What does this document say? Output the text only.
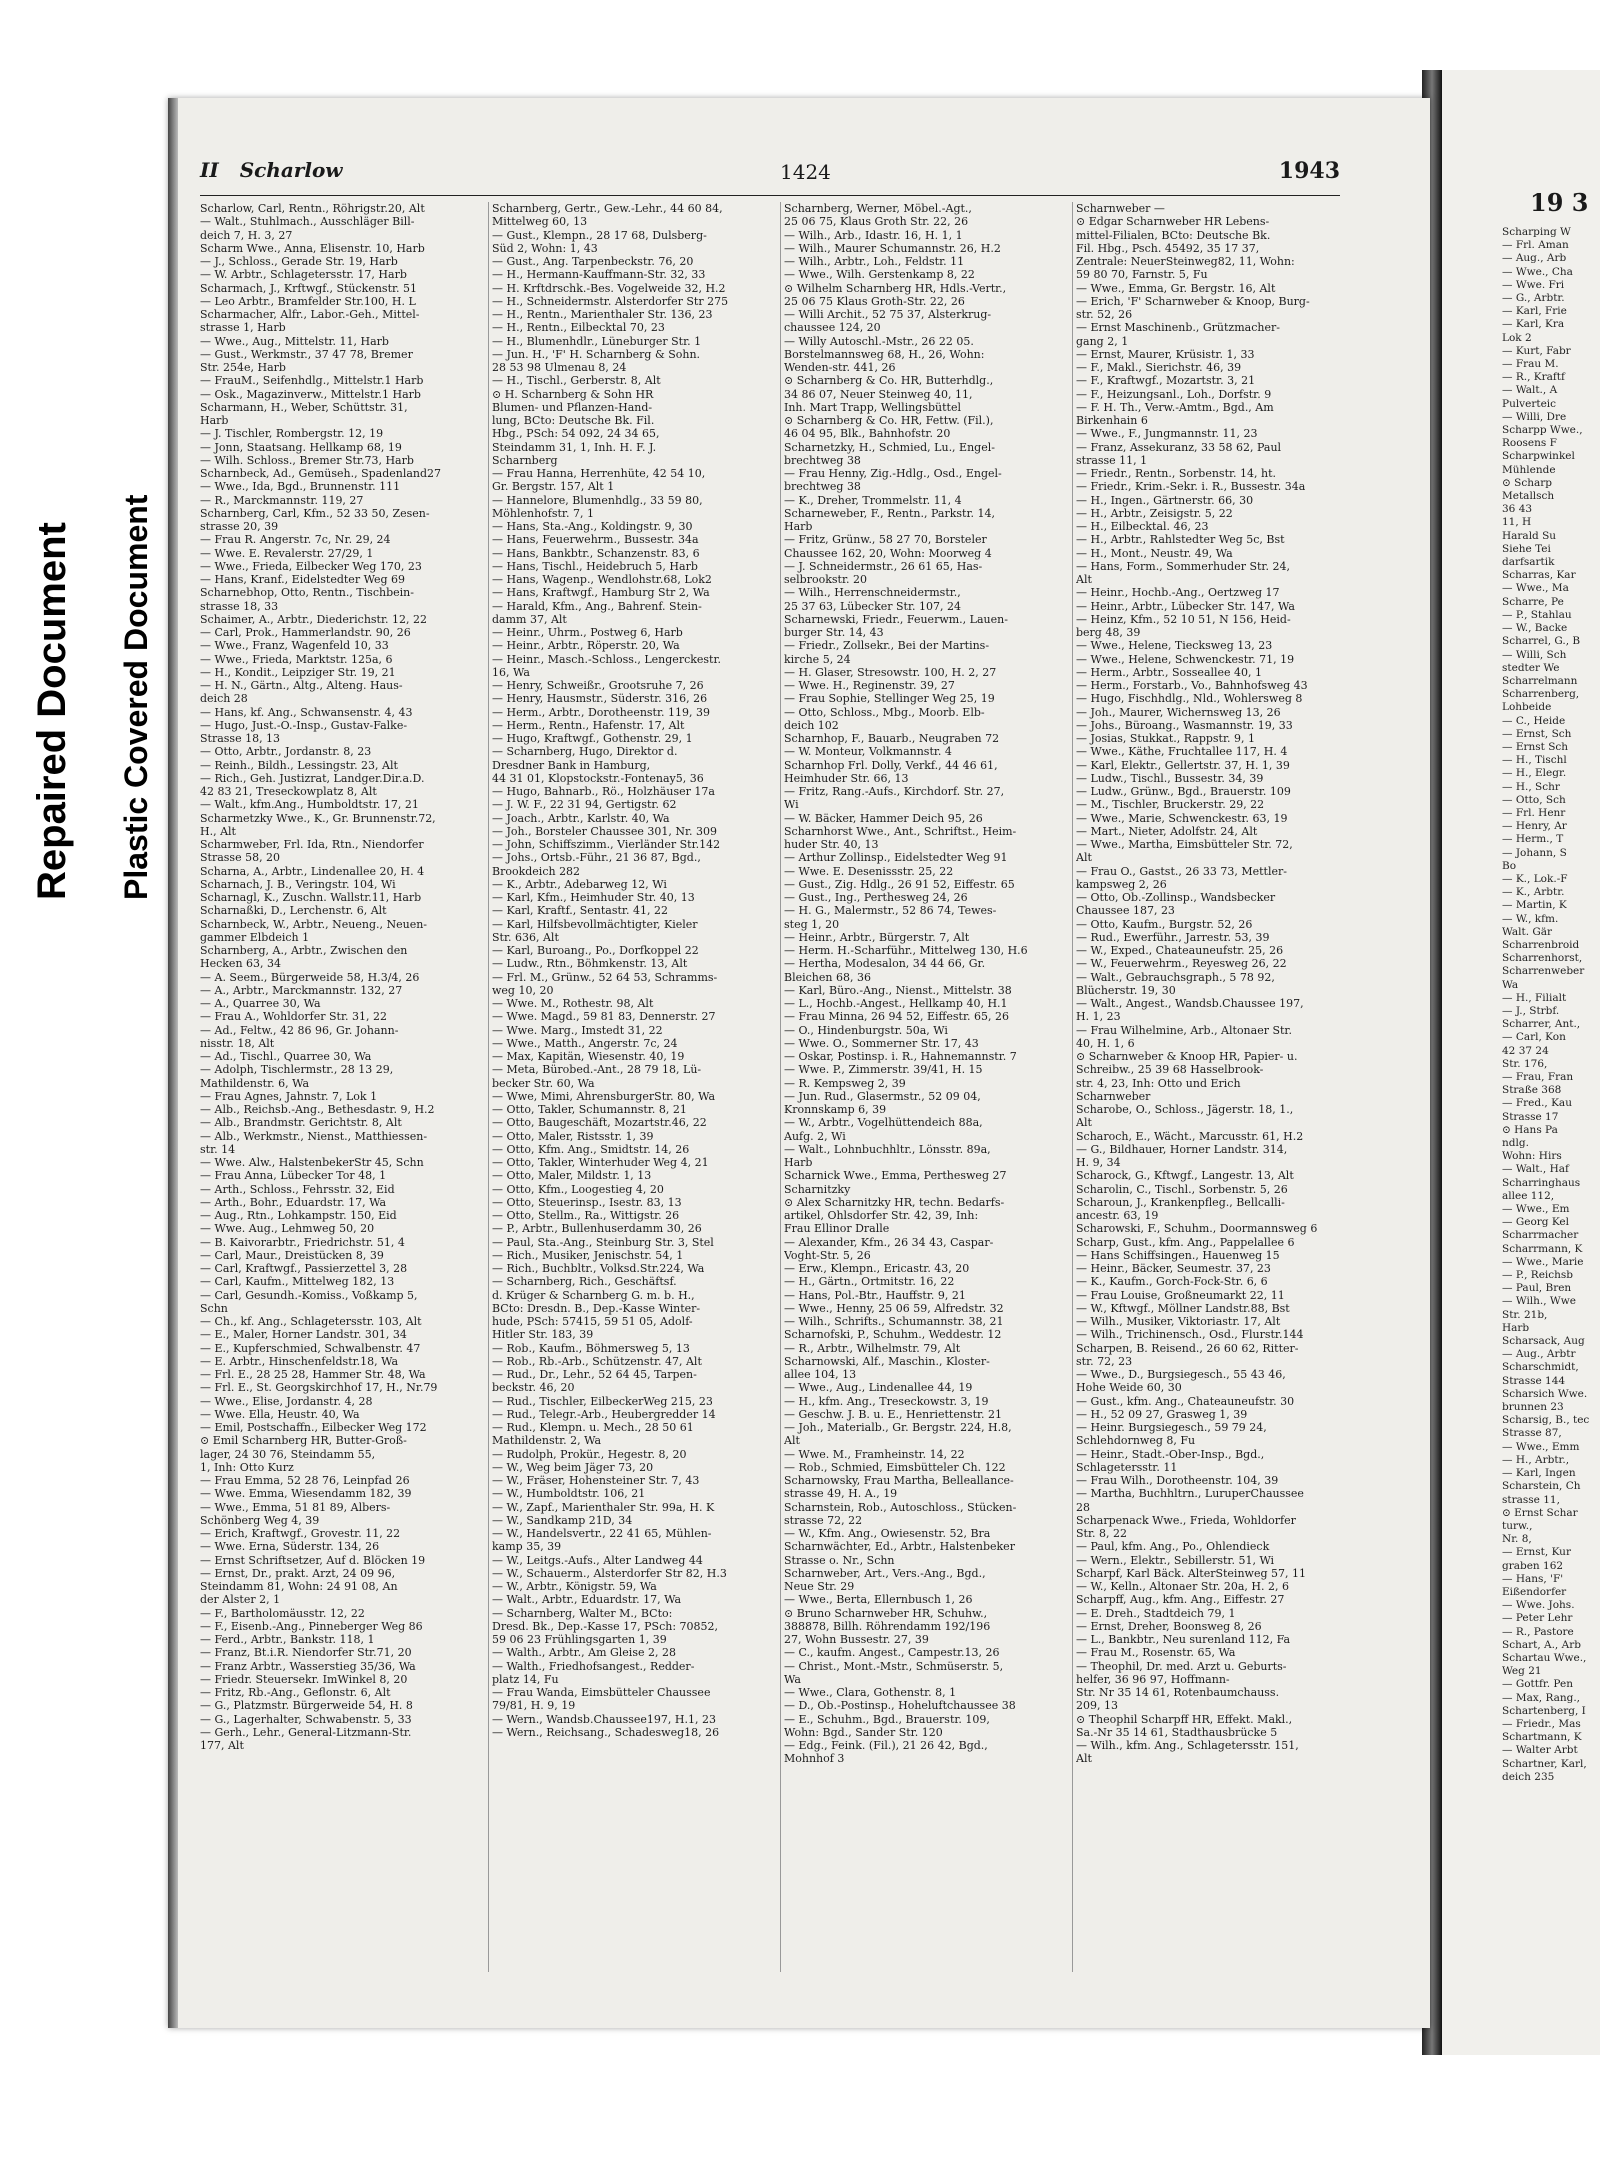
Repaired Document Plastic Covered Document
19 3
Scharping W
— Frl. Aman
— Aug., Arb
— Wwe., Cha
— Wwe. Fri
— G., Arbtr.
— Karl, Frie
— Karl, Kra
Lok 2
— Kurt, Fabr
— Frau M.
— R., Kraftf
— Walt., A
Pulverteic
— Willi, Dre
Scharpp Wwe.,
Roosens F
Scharpwinkel
Mühlende
⊙ Scharp
Metallsch
36 43
11, H
Harald Su
Siehe Tei
darfsartik
Scharras, Kar
— Wwe., Ma
Scharre, Pe
— P., Stahlau
— W., Backe
Scharrel, G., B
— Willi, Sch
stedter We
Scharrelmann
Scharrenberg,
Lohbeide
— C., Heide
— Ernst, Sch
— Ernst Sch
— H., Tischl
— H., Elegr.
— H., Schr
— Otto, Sch
— Frl. Henr
— Henry, Ar
— Herm., T
— Johann, S
Bo
— K., Lok.-F
— K., Arbtr.
— Martin, K
— W., kfm.
Walt. Gär
Scharrenbroid
Scharrenhorst,
Scharrenweber
Wa
— H., Filialt
— J., Strbf.
Scharrer, Ant.,
— Carl, Kon
42 37 24
Str. 176,
— Frau, Fran
Straße 368
— Fred., Kau
Strasse 17
⊙ Hans Pa
ndlg.
Wohn: Hirs
— Walt., Haf
Scharringhaus
allee 112,
— Wwe., Em
— Georg Kel
Scharrmacher
Scharrmann, K
— Wwe., Marie
— P., Reichsb
— Paul, Bren
— Wilh., Wwe
Str. 21b,
Harb
Scharsack, Aug
— Aug., Arbtr
Scharschmidt,
Strasse 144
Scharsich Wwe.
brunnen 23
Scharsig, B., tec
Strasse 87,
— Wwe., Emm
— H., Arbtr.,
— Karl, Ingen
Scharstein, Ch
strasse 11,
⊙ Ernst Schar
turw.,
Nr. 8,
— Ernst, Kur
graben 162
— Hans, 'F'
Eißendorfer
— Wwe. Johs.
— Peter Lehr
— R., Pastore
Schart, A., Arb
Schartau Wwe.,
Weg 21
— Gottfr. Pen
— Max, Rang.,
Schartenberg, I
— Friedr., Mas
Schartmann, K
— Walter Arbt
Schartner, Karl,
deich 235
II Scharlow	1424	1943
Scharlow, Carl, Rentn., Röhrigstr.20, Alt
— Walt., Stuhlmach., Ausschläger Bill-
deich 7, H. 3, 27
Scharm Wwe., Anna, Elisenstr. 10, Harb
— J., Schloss., Gerade Str. 19, Harb
— W. Arbtr., Schlagetersstr. 17, Harb
Scharmach, J., Krftwgf., Stückenstr. 51
— Leo Arbtr., Bramfelder Str.100, H. L
Scharmacher, Alfr., Labor.-Geh., Mittel-
strasse 1, Harb
— Wwe., Aug., Mittelstr. 11, Harb
— Gust., Werkmstr., 37 47 78, Bremer
Str. 254e, Harb
— FrauM., Seifenhdlg., Mittelstr.1 Harb
— Osk., Magazinverw., Mittelstr.1 Harb
Scharmann, H., Weber, Schüttstr. 31,
Harb
— J. Tischler, Rombergstr. 12, 19
— Jonn, Staatsang. Hellkamp 68, 19
— Wilh. Schloss., Bremer Str.73, Harb
Scharnbeck, Ad., Gemüseh., Spadenland27
— Wwe., Ida, Bgd., Brunnenstr. 111
— R., Marckmannstr. 119, 27
Scharnberg, Carl, Kfm., 52 33 50, Zesen-
strasse 20, 39
— Frau R. Angerstr. 7c, Nr. 29, 24
— Wwe. E. Revalerstr. 27/29, 1
— Wwe., Frieda, Eilbecker Weg 170, 23
— Hans, Kranf., Eidelstedter Weg 69
Scharnebhop, Otto, Rentn., Tischbein-
strasse 18, 33
Schaimer, A., Arbtr., Diederichstr. 12, 22
— Carl, Prok., Hammerlandstr. 90, 26
— Wwe., Franz, Wagenfeld 10, 33
— Wwe., Frieda, Marktstr. 125a, 6
— H., Kondit., Leipziger Str. 19, 21
— H. N., Gärtn., Altg., Alteng. Haus-
deich 28
— Hans, kf. Ang., Schwansenstr. 4, 43
— Hugo, Just.-O.-Insp., Gustav-Falke-
Strasse 18, 13
— Otto, Arbtr., Jordanstr. 8, 23
— Reinh., Bildh., Lessingstr. 23, Alt
— Rich., Geh. Justizrat, Landger.Dir.a.D.
42 83 21, Treseckowplatz 8, Alt
— Walt., kfm.Ang., Humboldtstr. 17, 21
Scharmetzky Wwe., K., Gr. Brunnenstr.72,
H., Alt
Scharmweber, Frl. Ida, Rtn., Niendorfer
Strasse 58, 20
Scharna, A., Arbtr., Lindenallee 20, H. 4
Scharnach, J. B., Veringstr. 104, Wi
Scharnagl, K., Zuschn. Wallstr.11, Harb
Scharnaßki, D., Lerchenstr. 6, Alt
Scharnbeck, W., Arbtr., Neueng., Neuen-
gammer Elbdeich 1
Scharnberg, A., Arbtr., Zwischen den
Hecken 63, 34
— A. Seem., Bürgerweide 58, H.3/4, 26
— A., Arbtr., Marckmannstr. 132, 27
— A., Quarree 30, Wa
— Frau A., Wohldorfer Str. 31, 22
— Ad., Feltw., 42 86 96, Gr. Johann-
nisstr. 18, Alt
— Ad., Tischl., Quarree 30, Wa
— Adolph, Tischlermstr., 28 13 29,
Mathildenstr. 6, Wa
— Frau Agnes, Jahnstr. 7, Lok 1
— Alb., Reichsb.-Ang., Bethesdastr. 9, H.2
— Alb., Brandmstr. Gerichtstr. 8, Alt
— Alb., Werkmstr., Nienst., Matthiessen-
str. 14
— Wwe. Alw., HalstenbekerStr 45, Schn
— Frau Anna, Lübecker Tor 48, 1
— Arth., Schloss., Fehrsstr. 32, Eid
— Arth., Bohr., Eduardstr. 17, Wa
— Aug., Rtn., Lohkampstr. 150, Eid
— Wwe. Aug., Lehmweg 50, 20
— B. Kaivorarbtr., Friedrichstr. 51, 4
— Carl, Maur., Dreistücken 8, 39
— Carl, Kraftwgf., Passierzettel 3, 28
— Carl, Kaufm., Mittelweg 182, 13
— Carl, Gesundh.-Komiss., Voßkamp 5,
Schn
— Ch., kf. Ang., Schlagetersstr. 103, Alt
— E., Maler, Horner Landstr. 301, 34
— E., Kupferschmied, Schwalbenstr. 47
— E. Arbtr., Hinschenfeldstr.18, Wa
— Frl. E., 28 25 28, Hammer Str. 48, Wa
— Frl. E., St. Georgskirchhof 17, H., Nr.79
— Wwe., Elise, Jordanstr. 4, 28
— Wwe. Ella, Heustr. 40, Wa
— Emil, Postschaffn., Eilbecker Weg 172
⊙ Emil Scharnberg HR, Butter-Groß-
lager, 24 30 76, Steindamm 55,
1, Inh: Otto Kurz
— Frau Emma, 52 28 76, Leinpfad 26
— Wwe. Emma, Wiesendamm 182, 39
— Wwe., Emma, 51 81 89, Albers-
Schönberg Weg 4, 39
— Erich, Kraftwgf., Grovestr. 11, 22
— Wwe. Erna, Süderstr. 134, 26
— Ernst Schriftsetzer, Auf d. Blöcken 19
— Ernst, Dr., prakt. Arzt, 24 09 96,
Steindamm 81, Wohn: 24 91 08, An
der Alster 2, 1
— F., Bartholomäusstr. 12, 22
— F., Eisenb.-Ang., Pinneberger Weg 86
— Ferd., Arbtr., Bankstr. 118, 1
— Franz, Bt.i.R. Niendorfer Str.71, 20
— Franz Arbtr., Wasserstieg 35/36, Wa
— Friedr. Steuersekr. ImWinkel 8, 20
— Fritz, Rb.-Ang., Geflonstr. 6, Alt
— G., Platzmstr. Bürgerweide 54, H. 8
— G., Lagerhalter, Schwabenstr. 5, 33
— Gerh., Lehr., General-Litzmann-Str.
177, Alt
Scharnberg, Gertr., Gew.-Lehr., 44 60 84,
Mittelweg 60, 13
— Gust., Klempn., 28 17 68, Dulsberg-
Süd 2, Wohn: 1, 43
— Gust., Ang. Tarpenbeckstr. 76, 20
— H., Hermann-Kauffmann-Str. 32, 33
— H. Krftdrschk.-Bes. Vogelweide 32, H.2
— H., Schneidermstr. Alsterdorfer Str 275
— H., Rentn., Marienthaler Str. 136, 23
— H., Rentn., Eilbecktal 70, 23
— H., Blumenhdlr., Lüneburger Str. 1
— Jun. H., 'F' H. Scharnberg & Sohn.
28 53 98 Ulmenau 8, 24
— H., Tischl., Gerberstr. 8, Alt
⊙ H. Scharnberg & Sohn HR
Blumen- und Pflanzen-Hand-
lung, BCto: Deutsche Bk. Fil.
Hbg., PSch: 54 092, 24 34 65,
Steindamm 31, 1, Inh. H. F. J.
Scharnberg
— Frau Hanna, Herrenhüte, 42 54 10,
Gr. Bergstr. 157, Alt 1
— Hannelore, Blumenhdlg., 33 59 80,
Möhlenhofstr. 7, 1
— Hans, Sta.-Ang., Koldingstr. 9, 30
— Hans, Feuerwehrm., Bussestr. 34a
— Hans, Bankbtr., Schanzenstr. 83, 6
— Hans, Tischl., Heidebruch 5, Harb
— Hans, Wagenp., Wendlohstr.68, Lok2
— Hans, Kraftwgf., Hamburg Str 2, Wa
— Harald, Kfm., Ang., Bahrenf. Stein-
damm 37, Alt
— Heinr., Uhrm., Postweg 6, Harb
— Heinr., Arbtr., Röperstr. 20, Wa
— Heinr., Masch.-Schloss., Lengerckestr.
16, Wa
— Henry, Schweißr., Grootsruhe 7, 26
— Henry, Hausmstr., Süderstr. 316, 26
— Herm., Arbtr., Dorotheenstr. 119, 39
— Herm., Rentn., Hafenstr. 17, Alt
— Hugo, Kraftwgf., Gothenstr. 29, 1
— Scharnberg, Hugo, Direktor d.
Dresdner Bank in Hamburg,
44 31 01, Klopstockstr.-Fontenay5, 36
— Hugo, Bahnarb., Rö., Holzhäuser 17a
— J. W. F., 22 31 94, Gertigstr. 62
— Joach., Arbtr., Karlstr. 40, Wa
— Joh., Borsteler Chaussee 301, Nr. 309
— John, Schiffszimm., Vierländer Str.142
— Johs., Ortsb.-Führ., 21 36 87, Bgd.,
Brookdeich 282
— K., Arbtr., Adebarweg 12, Wi
— Karl, Kfm., Heimhuder Str. 40, 13
— Karl, Kraftf., Sentastr. 41, 22
— Karl, Hilfsbevollmächtigter, Kieler
Str. 636, Alt
— Karl, Buroang., Po., Dorfkoppel 22
— Ludw., Rtn., Böhmkenstr. 13, Alt
— Frl. M., Grünw., 52 64 53, Schramms-
weg 10, 20
— Wwe. M., Rothestr. 98, Alt
— Wwe. Magd., 59 81 83, Dennerstr. 27
— Wwe. Marg., Imstedt 31, 22
— Wwe., Matth., Angerstr. 7c, 24
— Max, Kapitän, Wiesenstr. 40, 19
— Meta, Bürobed.-Ant., 28 79 18, Lü-
becker Str. 60, Wa
— Wwe, Mimi, AhrensburgerStr. 80, Wa
— Otto, Takler, Schumannstr. 8, 21
— Otto, Baugeschäft, Mozartstr.46, 22
— Otto, Maler, Ristsstr. 1, 39
— Otto, Kfm. Ang., Smidtstr. 14, 26
— Otto, Takler, Winterhuder Weg 4, 21
— Otto, Maler, Mildstr. 1, 13
— Otto, Kfm., Loogestieg 4, 20
— Otto, Steuerinsp., Isestr. 83, 13
— Otto, Stellm., Ra., Wittigstr. 26
— P., Arbtr., Bullenhuserdamm 30, 26
— Paul, Sta.-Ang., Steinburg Str. 3, Stel
— Rich., Musiker, Jenischstr. 54, 1
— Rich., Buchbltr., Volksd.Str.224, Wa
— Scharnberg, Rich., Geschäftsf.
d. Krüger & Scharnberg G. m. b. H.,
BCto: Dresdn. B., Dep.-Kasse Winter-
hude, PSch: 57415, 59 51 05, Adolf-
Hitler Str. 183, 39
— Rob., Kaufm., Böhmersweg 5, 13
— Rob., Rb.-Arb., Schützenstr. 47, Alt
— Rud., Dr., Lehr., 52 64 45, Tarpen-
beckstr. 46, 20
— Rud., Tischler, EilbeckerWeg 215, 23
— Rud., Telegr.-Arb., Heubergredder 14
— Rud., Klempn. u. Mech., 28 50 61
Mathildenstr. 2, Wa
— Rudolph, Prokür., Hegestr. 8, 20
— W., Weg beim Jäger 73, 20
— W., Fräser, Hohensteiner Str. 7, 43
— W., Humboldtstr. 106, 21
— W., Zapf., Marienthaler Str. 99a, H. K
— W., Sandkamp 21D, 34
— W., Handelsvertr., 22 41 65, Mühlen-
kamp 35, 39
— W., Leitgs.-Aufs., Alter Landweg 44
— W., Schauerm., Alsterdorfer Str 82, H.3
— W., Arbtr., Königstr. 59, Wa
— Walt., Arbtr., Eduardstr. 17, Wa
— Scharnberg, Walter M., BCto:
Dresd. Bk., Dep.-Kasse 17, PSch: 70852,
59 06 23 Frühlingsgarten 1, 39
— Walth., Arbtr., Am Gleise 2, 28
— Walth., Friedhofsangest., Redder-
platz 14, Fu
— Frau Wanda, Eimsbütteler Chaussee
79/81, H. 9, 19
— Wern., Wandsb.Chaussee197, H.1, 23
— Wern., Reichsang., Schadesweg18, 26
Scharnberg, Werner, Möbel.-Agt.,
25 06 75, Klaus Groth Str. 22, 26
— Wilh., Arb., Idastr. 16, H. 1, 1
— Wilh., Maurer Schumannstr. 26, H.2
— Wilh., Arbtr., Loh., Feldstr. 11
— Wwe., Wilh. Gerstenkamp 8, 22
⊙ Wilhelm Scharnberg HR, Hdls.-Vertr.,
25 06 75 Klaus Groth-Str. 22, 26
— Willi Archit., 52 75 37, Alsterkrug-
chaussee 124, 20
— Willy Autoschl.-Mstr., 26 22 05.
Borstelmannsweg 68, H., 26, Wohn:
Wenden-str. 441, 26
⊙ Scharnberg & Co. HR, Butterhdlg.,
34 86 07, Neuer Steinweg 40, 11,
Inh. Mart Trapp, Wellingsbüttel
⊙ Scharnberg & Co. HR, Fettw. (Fil.),
46 04 95, Blk., Bahnhofstr. 20
Scharnetzky, H., Schmied, Lu., Engel-
brechtweg 38
— Frau Henny, Zig.-Hdlg., Osd., Engel-
brechtweg 38
— K., Dreher, Trommelstr. 11, 4
Scharneweber, F., Rentn., Parkstr. 14,
Harb
— Fritz, Grünw., 58 27 70, Borsteler
Chaussee 162, 20, Wohn: Moorweg 4
— J. Schneidermstr., 26 61 65, Has-
selbrookstr. 20
— Wilh., Herrenschneidermstr.,
25 37 63, Lübecker Str. 107, 24
Scharnewski, Friedr., Feuerwm., Lauen-
burger Str. 14, 43
— Friedr., Zollsekr., Bei der Martins-
kirche 5, 24
— H. Glaser, Stresowstr. 100, H. 2, 27
— Wwe. H., Reginenstr. 39, 27
— Frau Sophie, Stellinger Weg 25, 19
— Otto, Schloss., Mbg., Moorb. Elb-
deich 102
Scharnhop, F., Bauarb., Neugraben 72
— W. Monteur, Volkmannstr. 4
Scharnhop Frl. Dolly, Verkf., 44 46 61,
Heimhuder Str. 66, 13
— Fritz, Rang.-Aufs., Kirchdorf. Str. 27,
Wi
— W. Bäcker, Hammer Deich 95, 26
Scharnhorst Wwe., Ant., Schriftst., Heim-
huder Str. 40, 13
— Arthur Zollinsp., Eidelstedter Weg 91
— Wwe. E. Desenissstr. 25, 22
— Gust., Zig. Hdlg., 26 91 52, Eiffestr. 65
— Gust., Ing., Perthesweg 24, 26
— H. G., Malermstr., 52 86 74, Tewes-
steg 1, 20
— Heinr., Arbtr., Bürgerstr. 7, Alt
— Herm. H.-Scharführ., Mittelweg 130, H.6
— Hertha, Modesalon, 34 44 66, Gr.
Bleichen 68, 36
— Karl, Büro.-Ang., Nienst., Mittelstr. 38
— L., Hochb.-Angest., Hellkamp 40, H.1
— Frau Minna, 26 94 52, Eiffestr. 65, 26
— O., Hindenburgstr. 50a, Wi
— Wwe. O., Sommerner Str. 17, 43
— Oskar, Postinsp. i. R., Hahnemannstr. 7
— Wwe. P., Zimmerstr. 39/41, H. 15
— R. Kempsweg 2, 39
— Jun. Rud., Glasermstr., 52 09 04,
Kronnskamp 6, 39
— W., Arbtr., Vogelhüttendeich 88a,
Aufg. 2, Wi
— Walt., Lohnbuchhltr., Lönsstr. 89a,
Harb
Scharnick Wwe., Emma, Perthesweg 27
Scharnitzky
⊙ Alex Scharnitzky HR, techn. Bedarfs-
artikel, Ohlsdorfer Str. 42, 39, Inh:
Frau Ellinor Dralle
— Alexander, Kfm., 26 34 43, Caspar-
Voght-Str. 5, 26
— Erw., Klempn., Ericastr. 43, 20
— H., Gärtn., Ortmitstr. 16, 22
— Hans, Pol.-Btr., Hauffstr. 9, 21
— Wwe., Henny, 25 06 59, Alfredstr. 32
— Wilh., Schrifts., Schumannstr. 38, 21
Scharnofski, P., Schuhm., Weddestr. 12
— R., Arbtr., Wilhelmstr. 79, Alt
Scharnowski, Alf., Maschin., Kloster-
allee 104, 13
— Wwe., Aug., Lindenallee 44, 19
— H., kfm. Ang., Treseckowstr. 3, 19
— Geschw. J. B. u. E., Henriettenstr. 21
— Joh., Materialb., Gr. Bergstr. 224, H.8,
Alt
— Wwe. M., Framheinstr. 14, 22
— Rob., Schmied, Eimsbütteler Ch. 122
Scharnowsky, Frau Martha, Belleallance-
strasse 49, H. A., 19
Scharnstein, Rob., Autoschloss., Stücken-
strasse 72, 22
— W., Kfm. Ang., Owiesenstr. 52, Bra
Scharnwächter, Ed., Arbtr., Halstenbeker
Strasse o. Nr., Schn
Scharnweber, Art., Vers.-Ang., Bgd.,
Neue Str. 29
— Wwe., Berta, Ellernbusch 1, 26
⊙ Bruno Scharnweber HR, Schuhw.,
388878, Billh. Röhrendamm 192/196
27, Wohn Bussestr. 27, 39
— C., kaufm. Angest., Campestr.13, 26
— Christ., Mont.-Mstr., Schmüserstr. 5,
Wa
— Wwe., Clara, Gothenstr. 8, 1
— D., Ob.-Postinsp., Hoheluftchaussee 38
— E., Schuhm., Bgd., Brauerstr. 109,
Wohn: Bgd., Sander Str. 120
— Edg., Feink. (Fil.), 21 26 42, Bgd.,
Mohnhof 3
Scharnweber —
⊙ Edgar Scharnweber HR Lebens-
mittel-Filialen, BCto: Deutsche Bk.
Fil. Hbg., Psch. 45492, 35 17 37,
Zentrale: NeuerSteinweg82, 11, Wohn:
59 80 70, Farnstr. 5, Fu
— Wwe., Emma, Gr. Bergstr. 16, Alt
— Erich, 'F' Scharnweber & Knoop, Burg-
str. 52, 26
— Ernst Maschinenb., Grützmacher-
gang 2, 1
— Ernst, Maurer, Krüsistr. 1, 33
— F., Makl., Sierichstr. 46, 39
— F., Kraftwgf., Mozartstr. 3, 21
— F., Heizungsanl., Loh., Dorfstr. 9
— F. H. Th., Verw.-Amtm., Bgd., Am
Birkenhain 6
— Wwe., F., Jungmannstr. 11, 23
— Franz, Assekuranz, 33 58 62, Paul
strasse 11, 1
— Friedr., Rentn., Sorbenstr. 14, ht.
— Friedr., Krim.-Sekr. i. R., Bussestr. 34a
— H., Ingen., Gärtnerstr. 66, 30
— H., Arbtr., Zeisigstr. 5, 22
— H., Eilbecktal. 46, 23
— H., Arbtr., Rahlstedter Weg 5c, Bst
— H., Mont., Neustr. 49, Wa
— Hans, Form., Sommerhuder Str. 24,
Alt
— Heinr., Hochb.-Ang., Oertzweg 17
— Heinr., Arbtr., Lübecker Str. 147, Wa
— Heinz, Kfm., 52 10 51, N 156, Heid-
berg 48, 39
— Wwe., Helene, Tiecksweg 13, 23
— Wwe., Helene, Schwenckestr. 71, 19
— Herm., Arbtr., Sosseallee 40, 1
— Herm., Forstarb., Vo., Bahnhofsweg 43
— Hugo, Fischhdlg., Nld., Wohlersweg 8
— Joh., Maurer, Wichernsweg 13, 26
— Johs., Büroang., Wasmannstr. 19, 33
— Josias, Stukkat., Rappstr. 9, 1
— Wwe., Käthe, Fruchtallee 117, H. 4
— Karl, Elektr., Gellertstr. 37, H. 1, 39
— Ludw., Tischl., Bussestr. 34, 39
— Ludw., Grünw., Bgd., Brauerstr. 109
— M., Tischler, Bruckerstr. 29, 22
— Wwe., Marie, Schwenckestr. 63, 19
— Mart., Nieter, Adolfstr. 24, Alt
— Wwe., Martha, Eimsbütteler Str. 72,
Alt
— Frau O., Gastst., 26 33 73, Mettler-
kampsweg 2, 26
— Otto, Ob.-Zollinsp., Wandsbecker
Chaussee 187, 23
— Otto, Kaufm., Burgstr. 52, 26
— Rud., Ewerführ., Jarrestr. 53, 39
— W., Exped., Chateauneufstr. 25, 26
— W., Feuerwehrm., Reyesweg 26, 22
— Walt., Gebrauchsgraph., 5 78 92,
Blücherstr. 19, 30
— Walt., Angest., Wandsb.Chaussee 197,
H. 1, 23
— Frau Wilhelmine, Arb., Altonaer Str.
40, H. 1, 6
⊙ Scharnweber & Knoop HR, Papier- u.
Schreibw., 25 39 68 Hasselbrook-
str. 4, 23, Inh: Otto und Erich
Scharnweber
Scharobe, O., Schloss., Jägerstr. 18, 1.,
Alt
Scharoch, E., Wächt., Marcusstr. 61, H.2
— G., Bildhauer, Horner Landstr. 314,
H. 9, 34
Scharock, G., Kftwgf., Langestr. 13, Alt
Scharolin, C., Tischl., Sorbenstr. 5, 26
Scharoun, J., Krankenpfleg., Bellcalli-
ancestr. 63, 19
Scharowski, F., Schuhm., Doormannsweg 6
Scharp, Gust., kfm. Ang., Pappelallee 6
— Hans Schiffsingen., Hauenweg 15
— Heinr., Bäcker, Seumestr. 37, 23
— K., Kaufm., Gorch-Fock-Str. 6, 6
— Frau Louise, Großneumarkt 22, 11
— W., Kftwgf., Möllner Landstr.88, Bst
— Wilh., Musiker, Viktoriastr. 17, Alt
— Wilh., Trichinensch., Osd., Flurstr.144
Scharpen, B. Reisend., 26 60 62, Ritter-
str. 72, 23
— Wwe., D., Burgsiegesch., 55 43 46,
Hohe Weide 60, 30
— Gust., kfm. Ang., Chateauneufstr. 30
— H., 52 09 27, Grasweg 1, 39
— Heinr. Burgsiegesch., 59 79 24,
Schlehdornweg 8, Fu
— Heinr., Stadt.-Ober-Insp., Bgd.,
Schlagetersstr. 11
— Frau Wilh., Dorotheenstr. 104, 39
— Martha, Buchhltrn., LuruperChaussee
28
Scharpenack Wwe., Frieda, Wohldorfer
Str. 8, 22
— Paul, kfm. Ang., Po., Ohlendieck
— Wern., Elektr., Sebillerstr. 51, Wi
Scharpf, Karl Bäck. AlterSteinweg 57, 11
— W., Kelln., Altonaer Str. 20a, H. 2, 6
Scharpff, Aug., kfm. Ang., Eiffestr. 27
— E. Dreh., Stadtdeich 79, 1
— Ernst, Dreher, Boonsweg 8, 26
— L., Bankbtr., Neu surenland 112, Fa
— Frau M., Rosenstr. 65, Wa
— Theophil, Dr. med. Arzt u. Geburts-
helfer, 36 96 97, Hoffmann-
Str. Nr 35 14 61, Rotenbaumchauss.
209, 13
⊙ Theophil Scharpff HR, Effekt. Makl.,
Sa.-Nr 35 14 61, Stadthausbrücke 5
— Wilh., kfm. Ang., Schlagetersstr. 151,
Alt
